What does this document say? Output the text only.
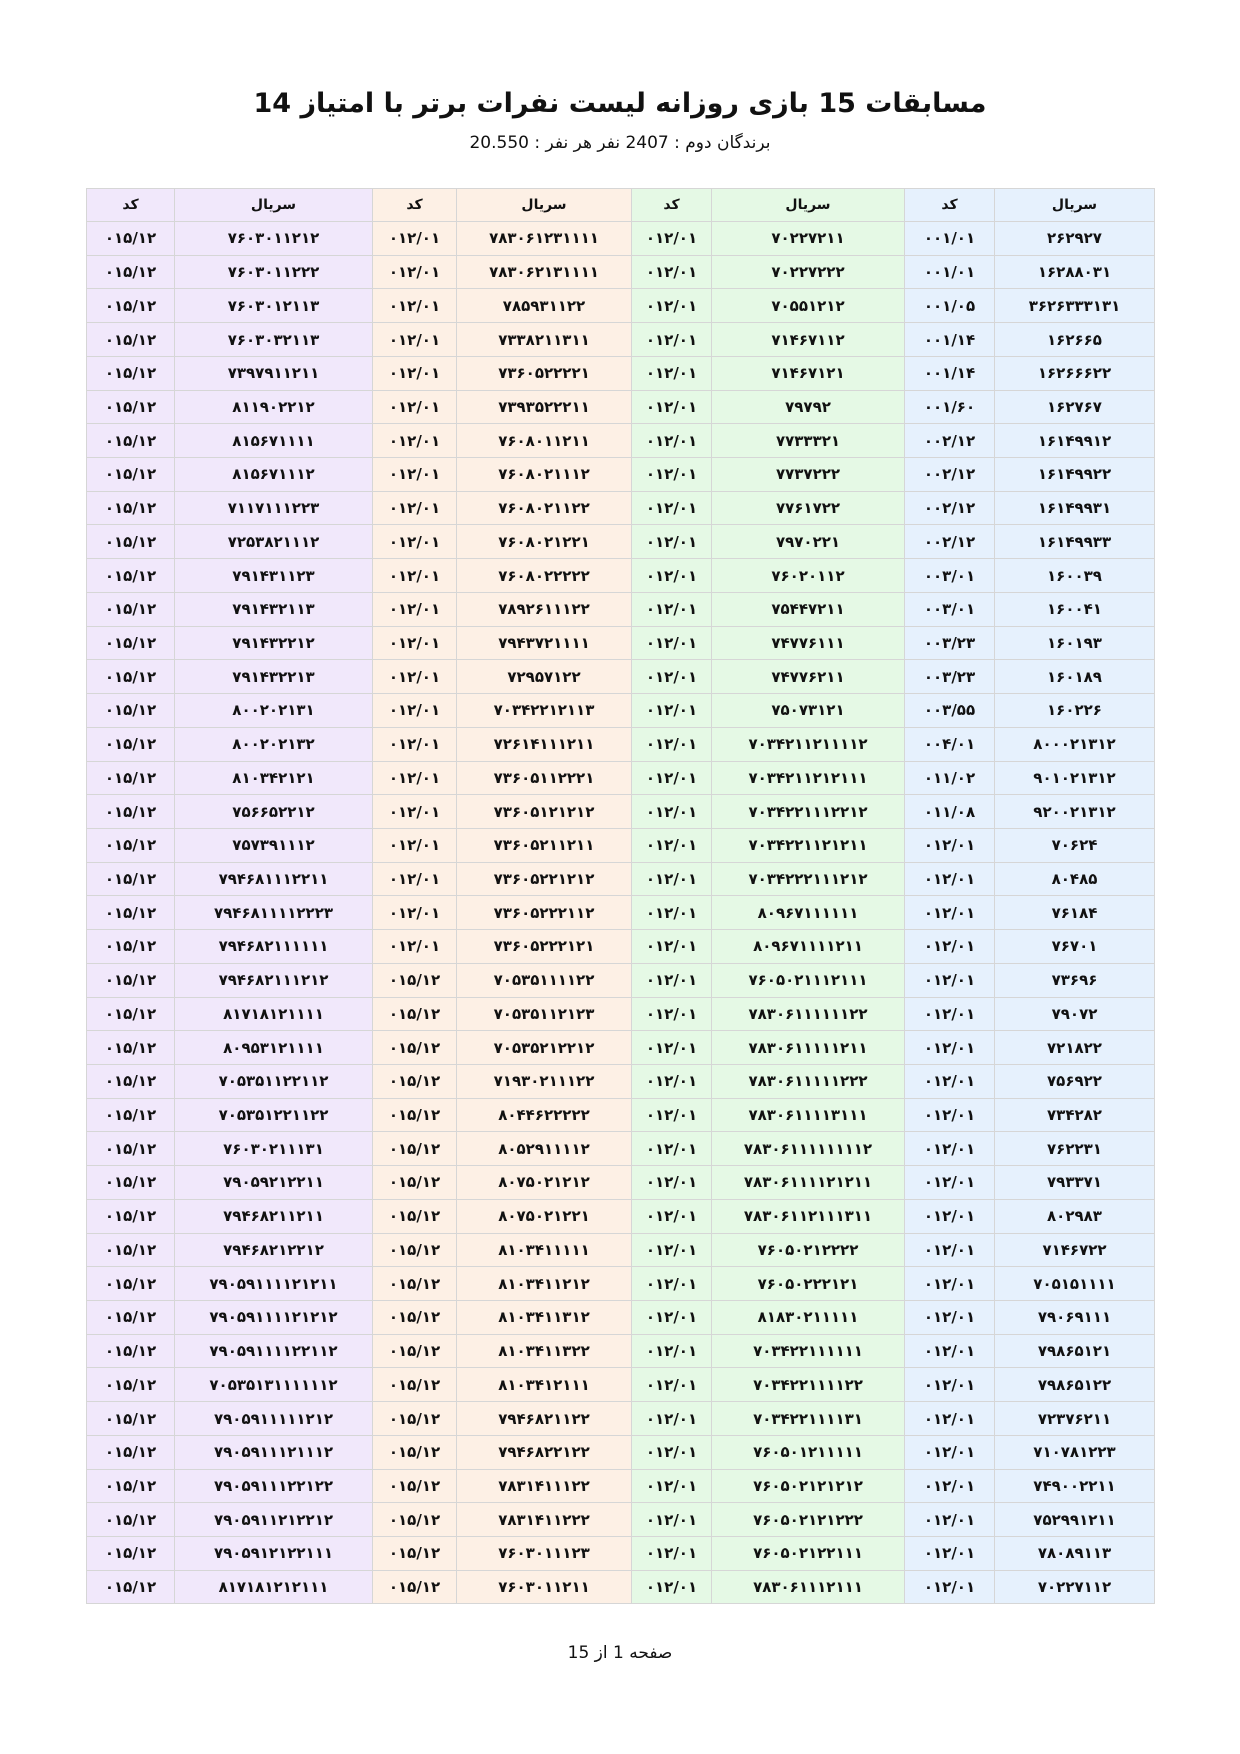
مسابقات 15 بازی روزانه لیست نفرات برتر با امتیاز 14
برندگان دوم : 2407 نفر هر نفر : 20.550
سریال	کد	سریال	کد	سریال	کد	سریال	کد
۲۶۲۹۲۷	۰۰۱/۰۱	۷۰۲۲۷۲۱۱	۰۱۲/۰۱	۷۸۳۰۶۱۲۳۱۱۱۱	۰۱۲/۰۱	۷۶۰۳۰۱۱۲۱۲	۰۱۵/۱۲
۱۶۲۸۸۰۳۱	۰۰۱/۰۱	۷۰۲۲۷۲۲۲	۰۱۲/۰۱	۷۸۳۰۶۲۱۳۱۱۱۱	۰۱۲/۰۱	۷۶۰۳۰۱۱۲۲۲	۰۱۵/۱۲
۳۶۲۶۳۳۳۱۳۱	۰۰۱/۰۵	۷۰۵۵۱۲۱۲	۰۱۲/۰۱	۷۸۵۹۳۱۱۲۲	۰۱۲/۰۱	۷۶۰۳۰۱۲۱۱۳	۰۱۵/۱۲
۱۶۲۶۶۵	۰۰۱/۱۴	۷۱۴۶۷۱۱۲	۰۱۲/۰۱	۷۳۳۸۲۱۱۳۱۱	۰۱۲/۰۱	۷۶۰۳۰۳۲۱۱۳	۰۱۵/۱۲
۱۶۲۶۶۶۲۲	۰۰۱/۱۴	۷۱۴۶۷۱۲۱	۰۱۲/۰۱	۷۳۶۰۵۲۲۲۲۱	۰۱۲/۰۱	۷۳۹۷۹۱۱۲۱۱	۰۱۵/۱۲
۱۶۲۷۶۷	۰۰۱/۶۰	۷۹۷۹۲	۰۱۲/۰۱	۷۳۹۳۵۲۲۲۱۱	۰۱۲/۰۱	۸۱۱۹۰۲۲۱۲	۰۱۵/۱۲
۱۶۱۴۹۹۱۲	۰۰۲/۱۲	۷۷۳۳۳۲۱	۰۱۲/۰۱	۷۶۰۸۰۱۱۲۱۱	۰۱۲/۰۱	۸۱۵۶۷۱۱۱۱	۰۱۵/۱۲
۱۶۱۴۹۹۲۲	۰۰۲/۱۲	۷۷۳۷۲۲۲	۰۱۲/۰۱	۷۶۰۸۰۲۱۱۱۲	۰۱۲/۰۱	۸۱۵۶۷۱۱۱۲	۰۱۵/۱۲
۱۶۱۴۹۹۳۱	۰۰۲/۱۲	۷۷۶۱۷۲۲	۰۱۲/۰۱	۷۶۰۸۰۲۱۱۲۲	۰۱۲/۰۱	۷۱۱۷۱۱۱۲۲۳	۰۱۵/۱۲
۱۶۱۴۹۹۳۳	۰۰۲/۱۲	۷۹۷۰۲۲۱	۰۱۲/۰۱	۷۶۰۸۰۲۱۲۲۱	۰۱۲/۰۱	۷۲۵۳۸۲۱۱۱۲	۰۱۵/۱۲
۱۶۰۰۳۹	۰۰۳/۰۱	۷۶۰۲۰۱۱۲	۰۱۲/۰۱	۷۶۰۸۰۲۲۲۲۲	۰۱۲/۰۱	۷۹۱۴۳۱۱۲۳	۰۱۵/۱۲
۱۶۰۰۴۱	۰۰۳/۰۱	۷۵۴۴۷۲۱۱	۰۱۲/۰۱	۷۸۹۲۶۱۱۱۲۲	۰۱۲/۰۱	۷۹۱۴۳۲۱۱۳	۰۱۵/۱۲
۱۶۰۱۹۳	۰۰۳/۲۳	۷۴۷۷۶۱۱۱	۰۱۲/۰۱	۷۹۴۳۷۲۱۱۱۱	۰۱۲/۰۱	۷۹۱۴۳۲۲۱۲	۰۱۵/۱۲
۱۶۰۱۸۹	۰۰۳/۲۳	۷۴۷۷۶۲۱۱	۰۱۲/۰۱	۷۲۹۵۷۱۲۲	۰۱۲/۰۱	۷۹۱۴۳۲۲۱۳	۰۱۵/۱۲
۱۶۰۲۲۶	۰۰۳/۵۵	۷۵۰۷۳۱۲۱	۰۱۲/۰۱	۷۰۳۴۲۲۱۲۱۱۳	۰۱۲/۰۱	۸۰۰۲۰۲۱۳۱	۰۱۵/۱۲
۸۰۰۰۲۱۳۱۲	۰۰۴/۰۱	۷۰۳۴۲۱۱۲۱۱۱۱۲	۰۱۲/۰۱	۷۲۶۱۴۱۱۱۲۱۱	۰۱۲/۰۱	۸۰۰۲۰۲۱۳۲	۰۱۵/۱۲
۹۰۱۰۲۱۳۱۲	۰۱۱/۰۲	۷۰۳۴۲۱۱۲۱۲۱۱۱	۰۱۲/۰۱	۷۳۶۰۵۱۱۲۲۲۱	۰۱۲/۰۱	۸۱۰۳۴۲۱۲۱	۰۱۵/۱۲
۹۲۰۰۲۱۳۱۲	۰۱۱/۰۸	۷۰۳۴۲۲۱۱۱۲۲۱۲	۰۱۲/۰۱	۷۳۶۰۵۱۲۱۲۱۲	۰۱۲/۰۱	۷۵۶۶۵۲۲۱۲	۰۱۵/۱۲
۷۰۶۲۴	۰۱۲/۰۱	۷۰۳۴۲۲۱۱۲۱۲۱۱	۰۱۲/۰۱	۷۳۶۰۵۲۱۱۲۱۱	۰۱۲/۰۱	۷۵۷۳۹۱۱۱۲	۰۱۵/۱۲
۸۰۴۸۵	۰۱۲/۰۱	۷۰۳۴۲۲۲۱۱۱۲۱۲	۰۱۲/۰۱	۷۳۶۰۵۲۲۱۲۱۲	۰۱۲/۰۱	۷۹۴۶۸۱۱۱۲۲۱۱	۰۱۵/۱۲
۷۶۱۸۴	۰۱۲/۰۱	۸۰۹۶۷۱۱۱۱۱۱	۰۱۲/۰۱	۷۳۶۰۵۲۲۲۱۱۲	۰۱۲/۰۱	۷۹۴۶۸۱۱۱۱۲۲۲۳	۰۱۵/۱۲
۷۶۷۰۱	۰۱۲/۰۱	۸۰۹۶۷۱۱۱۱۲۱۱	۰۱۲/۰۱	۷۳۶۰۵۲۲۲۱۲۱	۰۱۲/۰۱	۷۹۴۶۸۲۱۱۱۱۱۱	۰۱۵/۱۲
۷۳۶۹۶	۰۱۲/۰۱	۷۶۰۵۰۲۱۱۱۲۱۱۱	۰۱۲/۰۱	۷۰۵۳۵۱۱۱۱۲۲	۰۱۵/۱۲	۷۹۴۶۸۲۱۱۱۲۱۲	۰۱۵/۱۲
۷۹۰۷۲	۰۱۲/۰۱	۷۸۳۰۶۱۱۱۱۱۱۲۲	۰۱۲/۰۱	۷۰۵۳۵۱۱۲۱۲۳	۰۱۵/۱۲	۸۱۷۱۸۱۲۱۱۱۱	۰۱۵/۱۲
۷۲۱۸۲۲	۰۱۲/۰۱	۷۸۳۰۶۱۱۱۱۱۲۱۱	۰۱۲/۰۱	۷۰۵۳۵۲۱۲۲۱۲	۰۱۵/۱۲	۸۰۹۵۳۱۲۱۱۱۱	۰۱۵/۱۲
۷۵۶۹۲۲	۰۱۲/۰۱	۷۸۳۰۶۱۱۱۱۱۲۲۲	۰۱۲/۰۱	۷۱۹۳۰۲۱۱۱۲۲	۰۱۵/۱۲	۷۰۵۳۵۱۱۲۲۱۱۲	۰۱۵/۱۲
۷۳۴۲۸۲	۰۱۲/۰۱	۷۸۳۰۶۱۱۱۱۳۱۱۱	۰۱۲/۰۱	۸۰۴۴۶۲۲۲۲۲	۰۱۵/۱۲	۷۰۵۳۵۱۲۲۱۱۲۲	۰۱۵/۱۲
۷۶۲۲۳۱	۰۱۲/۰۱	۷۸۳۰۶۱۱۱۱۱۱۱۱۲	۰۱۲/۰۱	۸۰۵۲۹۱۱۱۱۲	۰۱۵/۱۲	۷۶۰۳۰۲۱۱۱۳۱	۰۱۵/۱۲
۷۹۳۳۷۱	۰۱۲/۰۱	۷۸۳۰۶۱۱۱۱۲۱۲۱۱	۰۱۲/۰۱	۸۰۷۵۰۲۱۲۱۲	۰۱۵/۱۲	۷۹۰۵۹۲۱۲۲۱۱	۰۱۵/۱۲
۸۰۲۹۸۳	۰۱۲/۰۱	۷۸۳۰۶۱۱۲۱۱۱۳۱۱	۰۱۲/۰۱	۸۰۷۵۰۲۱۲۲۱	۰۱۵/۱۲	۷۹۴۶۸۲۱۱۲۱۱	۰۱۵/۱۲
۷۱۴۶۷۲۲	۰۱۲/۰۱	۷۶۰۵۰۲۱۲۲۲۲	۰۱۲/۰۱	۸۱۰۳۴۱۱۱۱۱	۰۱۵/۱۲	۷۹۴۶۸۲۱۲۲۱۲	۰۱۵/۱۲
۷۰۵۱۵۱۱۱۱	۰۱۲/۰۱	۷۶۰۵۰۲۲۲۱۲۱	۰۱۲/۰۱	۸۱۰۳۴۱۱۲۱۲	۰۱۵/۱۲	۷۹۰۵۹۱۱۱۱۲۱۲۱۱	۰۱۵/۱۲
۷۹۰۶۹۱۱۱	۰۱۲/۰۱	۸۱۸۳۰۲۱۱۱۱۱	۰۱۲/۰۱	۸۱۰۳۴۱۱۳۱۲	۰۱۵/۱۲	۷۹۰۵۹۱۱۱۱۲۱۲۱۲	۰۱۵/۱۲
۷۹۸۶۵۱۲۱	۰۱۲/۰۱	۷۰۳۴۲۲۱۱۱۱۱۱	۰۱۲/۰۱	۸۱۰۳۴۱۱۳۲۲	۰۱۵/۱۲	۷۹۰۵۹۱۱۱۱۲۲۱۱۲	۰۱۵/۱۲
۷۹۸۶۵۱۲۲	۰۱۲/۰۱	۷۰۳۴۲۲۱۱۱۱۲۲	۰۱۲/۰۱	۸۱۰۳۴۱۲۱۱۱	۰۱۵/۱۲	۷۰۵۳۵۱۳۱۱۱۱۱۱۲	۰۱۵/۱۲
۷۲۳۷۶۲۱۱	۰۱۲/۰۱	۷۰۳۴۲۲۱۱۱۱۳۱	۰۱۲/۰۱	۷۹۴۶۸۲۱۱۲۲	۰۱۵/۱۲	۷۹۰۵۹۱۱۱۱۱۲۱۲	۰۱۵/۱۲
۷۱۰۷۸۱۲۲۳	۰۱۲/۰۱	۷۶۰۵۰۱۲۱۱۱۱۱	۰۱۲/۰۱	۷۹۴۶۸۲۲۱۲۲	۰۱۵/۱۲	۷۹۰۵۹۱۱۱۲۱۱۱۲	۰۱۵/۱۲
۷۴۹۰۰۲۲۱۱	۰۱۲/۰۱	۷۶۰۵۰۲۱۲۱۲۱۲	۰۱۲/۰۱	۷۸۳۱۴۱۱۱۲۲	۰۱۵/۱۲	۷۹۰۵۹۱۱۱۲۲۱۲۲	۰۱۵/۱۲
۷۵۲۹۹۱۲۱۱	۰۱۲/۰۱	۷۶۰۵۰۲۱۲۱۲۲۲	۰۱۲/۰۱	۷۸۳۱۴۱۱۲۲۲	۰۱۵/۱۲	۷۹۰۵۹۱۱۲۱۲۲۱۲	۰۱۵/۱۲
۷۸۰۸۹۱۱۳	۰۱۲/۰۱	۷۶۰۵۰۲۱۲۲۱۱۱	۰۱۲/۰۱	۷۶۰۳۰۱۱۱۲۳	۰۱۵/۱۲	۷۹۰۵۹۱۲۱۲۲۱۱۱	۰۱۵/۱۲
۷۰۲۲۷۱۱۲	۰۱۲/۰۱	۷۸۳۰۶۱۱۱۲۱۱۱	۰۱۲/۰۱	۷۶۰۳۰۱۱۲۱۱	۰۱۵/۱۲	۸۱۷۱۸۱۲۱۲۱۱۱	۰۱۵/۱۲
صفحه 1 از 15
